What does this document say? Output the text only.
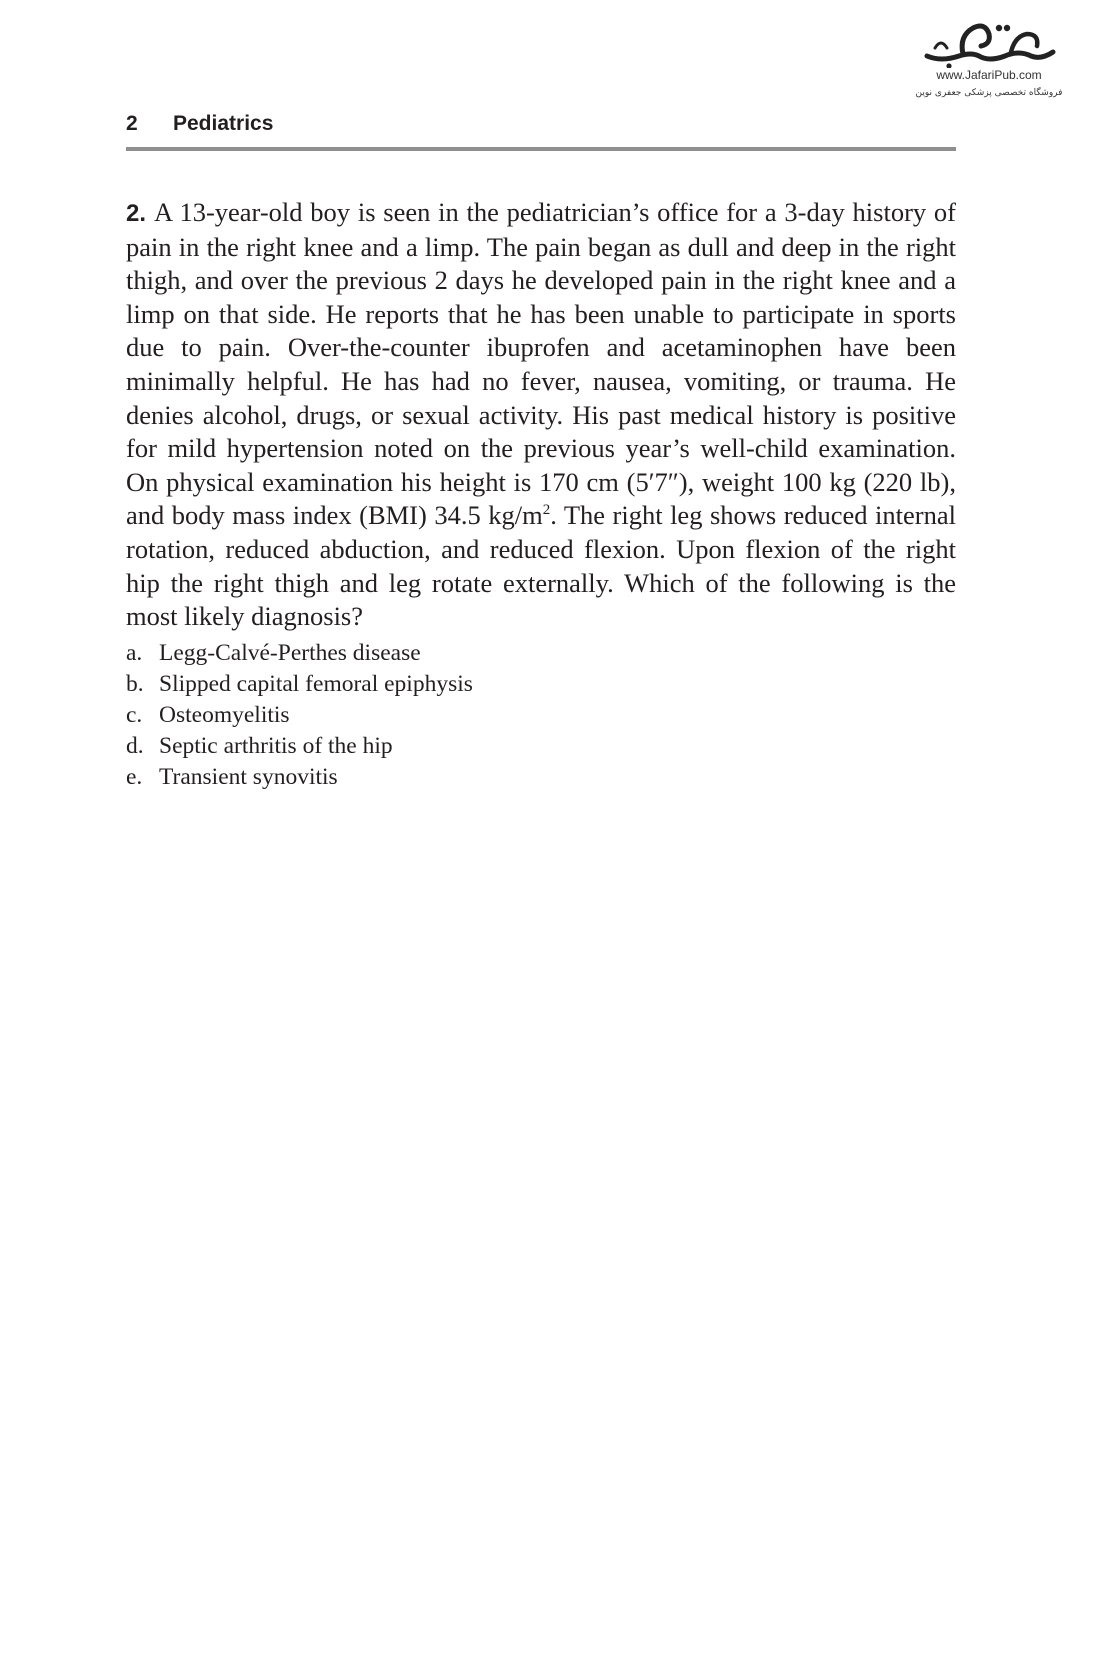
www.JafariPub.com
فروشگاه تخصصی پزشکی جعفری نوین
2 Pediatrics
2. A 13-year-old boy is seen in the pediatrician’s office for a 3-day history of pain in the right knee and a limp. The pain began as dull and deep in the right thigh, and over the previous 2 days he developed pain in the right knee and a limp on that side. He reports that he has been unable to participate in sports due to pain. Over-the-counter ibuprofen and acetaminophen have been minimally helpful. He has had no fever, nausea, vomiting, or trauma. He denies alcohol, drugs, or sexual activity. His past medical history is positive for mild hypertension noted on the previous year’s well-child examination. On physical examination his height is 170 cm (5′7″), weight 100 kg (220 lb), and body mass index (BMI) 34.5 $kg/m^2$. The right leg shows reduced internal rotation, reduced abduction, and reduced flexion. Upon flexion of the right hip the right thigh and leg rotate externally. Which of the following is the most likely diagnosis?
a. Legg-Calvé-Perthes disease
b. Slipped capital femoral epiphysis
c. Osteomyelitis
d. Septic arthritis of the hip
e. Transient synovitis
